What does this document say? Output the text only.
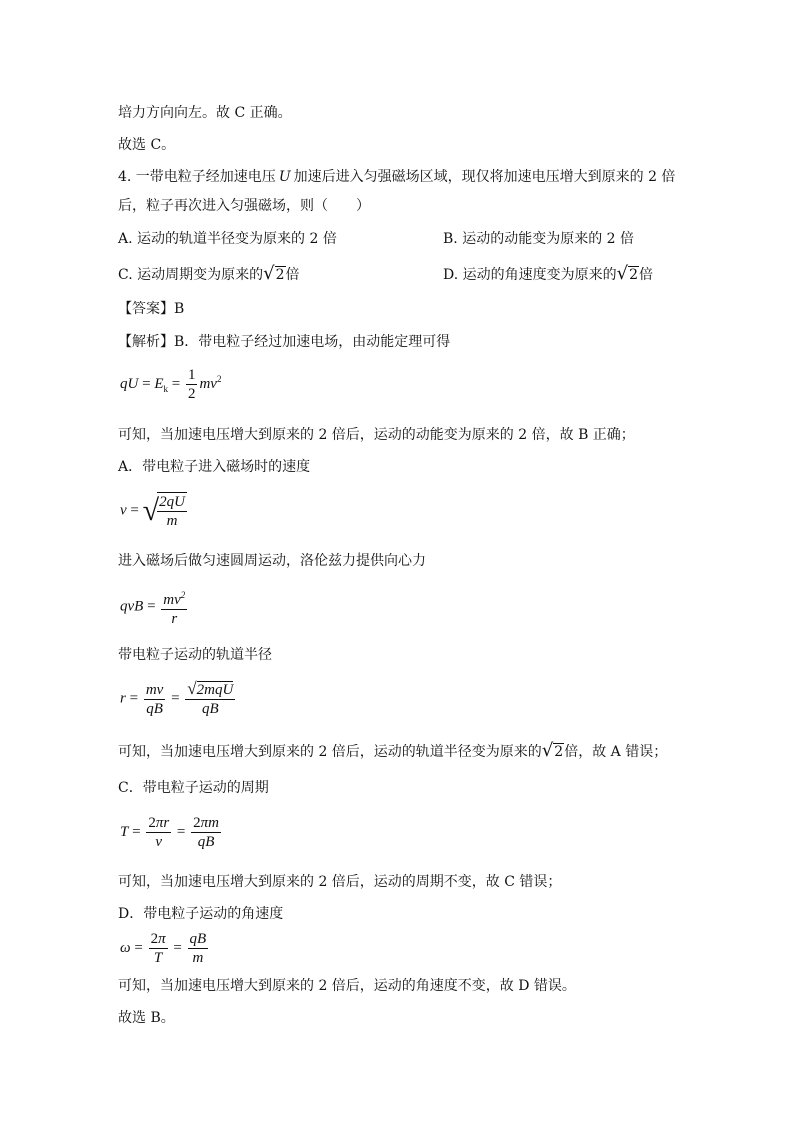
培力方向向左。故 C 正确。
故选 C。
4. 一带电粒子经加速电压 U 加速后进入匀强磁场区域，现仅将加速电压增大到原来的 2 倍
后，粒子再次进入匀强磁场，则（　　）
A. 运动的轨道半径变为原来的 2 倍	B. 运动的动能变为原来的 2 倍
C. 运动周期变为原来的√2倍	D. 运动的角速度变为原来的√2倍
【答案】B
【解析】B．带电粒子经过加速电场，由动能定理可得
qU = $E_k = \frac{1}{2} mv^2$
可知，当加速电压增大到原来的 2 倍后，运动的动能变为原来的 2 倍，故 B 正确；
A．带电粒子进入磁场时的速度
v = √
$\frac{2qU}{m}$
进入磁场后做匀速圆周运动，洛伦兹力提供向心力
qvB = $\frac{mv^2}{r}$
带电粒子运动的轨道半径
$r = \frac{mv}{qB} = \frac{\text{√2mqU}}{qB}$
可知，当加速电压增大到原来的 2 倍后，运动的轨道半径变为原来的√2倍，故 A 错误；
C．带电粒子运动的周期
$T = \frac{2\pi r}{v} = \frac{2\pi m}{qB}$
可知，当加速电压增大到原来的 2 倍后，运动的周期不变，故 C 错误；
D．带电粒子运动的角速度
$\omega = \frac{2\pi}{T} = \frac{qB}{m}$
可知，当加速电压增大到原来的 2 倍后，运动的角速度不变，故 D 错误。
故选 B。
